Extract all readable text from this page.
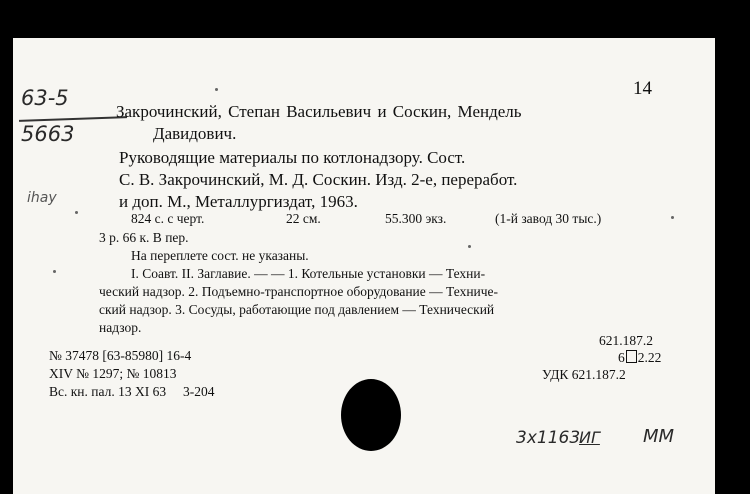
14
63-5
5663
ihay
Закрочинский, Степан Васильевич и Соскин, Мендель
Давидович.
Руководящие материалы по котлонадзору. Сост.
С. В. Закрочинский, М. Д. Соскин. Изд. 2-е, переработ.
и доп. М., Металлургиздат, 1963.
824 с. с черт.	22 см.	55.300 экз.	(1-й завод 30 тыс.)
3 р. 66 к. В пер.
На переплете сост. не указаны.
I. Соавт. II. Заглавие. — — 1. Котельные установки — Техни-
ческий надзор. 2. Подъемно-транспортное оборудование — Техниче-
ский надзор. 3. Сосуды, работающие под давлением — Технический
надзор.
621.187.2
6 2.22
УДК 621.187.2
№ 37478 [63-85980] 16-4
XIV № 1297; № 10813
Вс. кн. пал. 13 XI 63     3-204
3x1163
ИГ ММ
